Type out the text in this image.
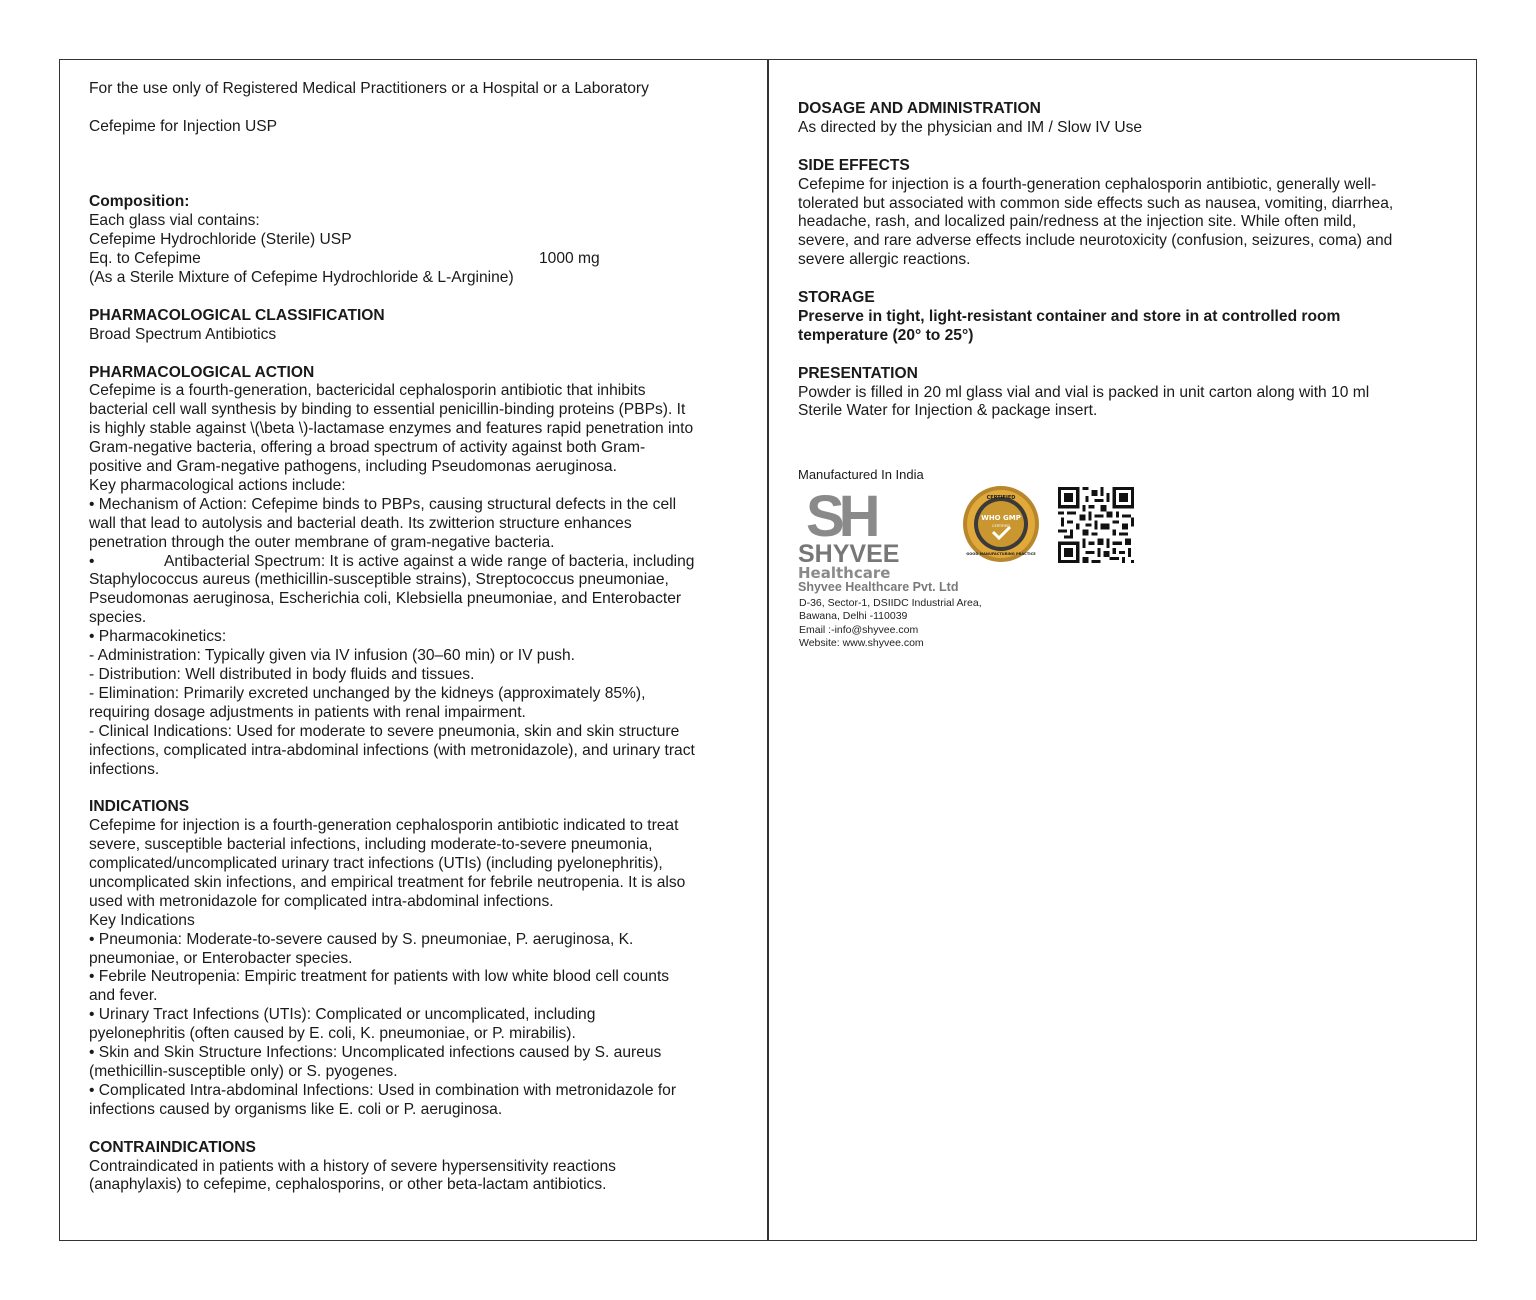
For the use only of Registered Medical Practitioners or a Hospital or a Laboratory
Cefepime for Injection USP
Composition:
Each glass vial contains:
Cefepime Hydrochloride (Sterile) USP
Eq. to Cefepime	1000 mg
(As a Sterile Mixture of Cefepime Hydrochloride & L-Arginine)
PHARMACOLOGICAL CLASSIFICATION
Broad Spectrum Antibiotics
PHARMACOLOGICAL ACTION
Cefepime is a fourth-generation, bactericidal cephalosporin antibiotic that inhibits
bacterial cell wall synthesis by binding to essential penicillin-binding proteins (PBPs). It
is highly stable against \(\beta \)-lactamase enzymes and features rapid penetration into
Gram-negative bacteria, offering a broad spectrum of activity against both Gram-
positive and Gram-negative pathogens, including Pseudomonas aeruginosa.
Key pharmacological actions include:
• Mechanism of Action: Cefepime binds to PBPs, causing structural defects in the cell
wall that lead to autolysis and bacterial death. Its zwitterion structure enhances
penetration through the outer membrane of gram-negative bacteria.
•	Antibacterial Spectrum: It is active against a wide range of bacteria, including
Staphylococcus aureus (methicillin-susceptible strains), Streptococcus pneumoniae,
Pseudomonas aeruginosa, Escherichia coli, Klebsiella pneumoniae, and Enterobacter
species.
• Pharmacokinetics:
- Administration: Typically given via IV infusion (30–60 min) or IV push.
- Distribution: Well distributed in body fluids and tissues.
- Elimination: Primarily excreted unchanged by the kidneys (approximately 85%),
requiring dosage adjustments in patients with renal impairment.
- Clinical Indications: Used for moderate to severe pneumonia, skin and skin structure
infections, complicated intra-abdominal infections (with metronidazole), and urinary tract
infections.
INDICATIONS
Cefepime for injection is a fourth-generation cephalosporin antibiotic indicated to treat
severe, susceptible bacterial infections, including moderate-to-severe pneumonia,
complicated/uncomplicated urinary tract infections (UTIs) (including pyelonephritis),
uncomplicated skin infections, and empirical treatment for febrile neutropenia. It is also
used with metronidazole for complicated intra-abdominal infections.
Key Indications
• Pneumonia: Moderate-to-severe caused by S. pneumoniae, P. aeruginosa, K.
pneumoniae, or Enterobacter species.
• Febrile Neutropenia: Empiric treatment for patients with low white blood cell counts
and fever.
• Urinary Tract Infections (UTIs): Complicated or uncomplicated, including
pyelonephritis (often caused by E. coli, K. pneumoniae, or P. mirabilis).
• Skin and Skin Structure Infections: Uncomplicated infections caused by S. aureus
(methicillin-susceptible only) or S. pyogenes.
• Complicated Intra-abdominal Infections: Used in combination with metronidazole for
infections caused by organisms like E. coli or P. aeruginosa.
CONTRAINDICATIONS
Contraindicated in patients with a history of severe hypersensitivity reactions
(anaphylaxis) to cefepime, cephalosporins, or other beta-lactam antibiotics.
DOSAGE AND ADMINISTRATION
As directed by the physician and IM / Slow IV Use
SIDE EFFECTS
Cefepime for injection is a fourth-generation cephalosporin antibiotic, generally well-
tolerated but associated with common side effects such as nausea, vomiting, diarrhea,
headache, rash, and localized pain/redness at the injection site. While often mild,
severe, and rare adverse effects include neurotoxicity (confusion, seizures, coma) and
severe allergic reactions.
STORAGE
Preserve in tight, light-resistant container and store in at controlled room
temperature (20° to 25°)
PRESENTATION
Powder is filled in 20 ml glass vial and vial is packed in unit carton along with 10 ml
Sterile Water for Injection & package insert.
Manufactured In India
SH
SHYVEE
Healthcare
Shyvee Healthcare Pvt. Ltd
D-36, Sector-1, DSIIDC Industrial Area,
Bawana, Delhi -110039
Email :-info@shyvee.com
Website: www.shyvee.com
CERTIFIED
WHO GMP
CERTIFIED
GOOD MANUFACTURING PRACTICE
